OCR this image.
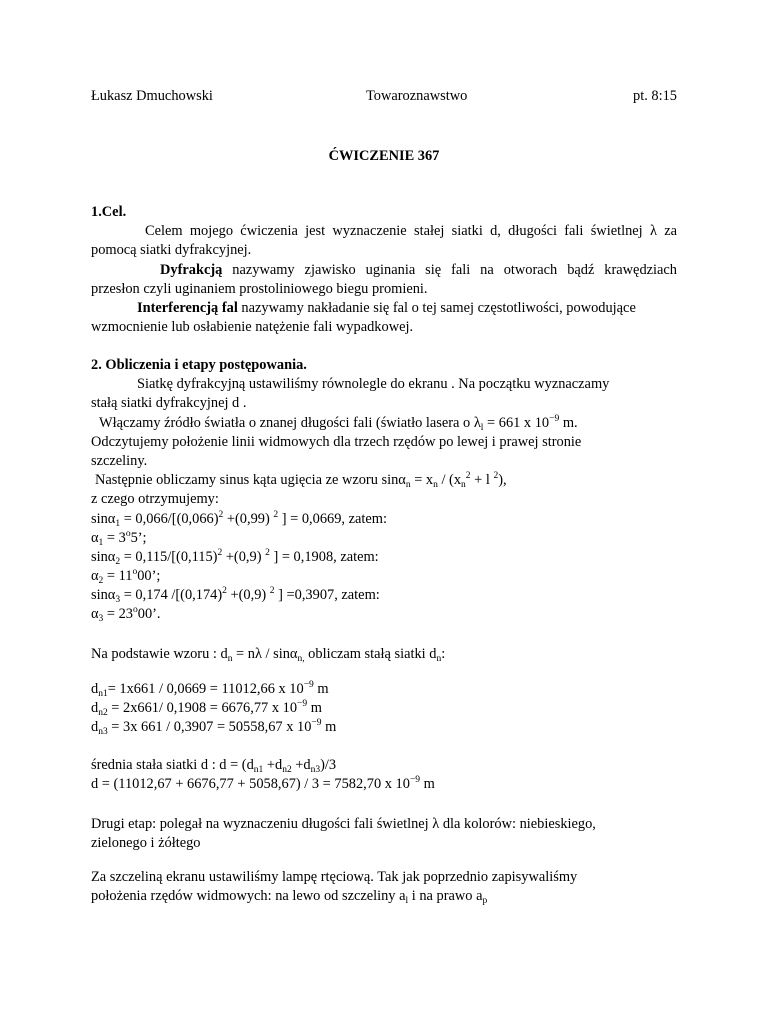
Łukasz Dmuchowski	Towaroznawstwo	pt. 8:15
ĆWICZENIE 367
1.Cel.
Celem mojego ćwiczenia jest wyznaczenie stałej siatki d, długości fali świetlnej λ za
pomocą siatki dyfrakcyjnej.
Dyfrakcją nazywamy zjawisko uginania się fali na otworach bądź krawędziach
przesłon czyli uginaniem prostoliniowego biegu promieni.
Interferencją fal nazywamy nakładanie się fal o tej samej częstotliwości, powodujące
wzmocnienie lub osłabienie natężenie fali wypadkowej.
2. Obliczenia i etapy postępowania.
Siatkę dyfrakcyjną ustawiliśmy równolegle do ekranu . Na początku wyznaczamy
stałą siatki dyfrakcyjnej d .
Włączamy źródło światła o znanej długości fali (światło lasera o $\lambda_l = 661$ x $10^{-9}$ m.
Odczytujemy położenie linii widmowych dla trzech rzędów po lewej i prawej stronie
szczeliny.
Następnie obliczamy sinus kąta ugięcia ze wzoru $\sin\alpha_n = x_n / (x_n^2 + l$ $^2$),
z czego otrzymujemy:
$\sin\alpha_1 = 0,066/[(0,066)^2 +(0,99)$ $^2$ ] = 0,0669, zatem:
$\alpha_1 = 3^o5$’;
$\sin\alpha_2 = 0,115/[(0,115)^2 +(0,9)$ $^2$ ] = 0,1908, zatem:
$\alpha_2 = 11^o00$’;
sinα$_3$ = 0,174 $/[(0,174)^2 +(0,9)$ $^2$ ] =0,3907, zatem:
$\alpha_3 = 23^o00$’.
Na podstawie wzoru : $d_n = n\lambda / \sin\alpha_{n,}$ obliczam stałą siatki $d_n$:
$d_{n1}= 1x661 / 0,0669 = 11012,66$ x $10^{-9}$ m
$d_{n2} = 2x661/$ 0,1908 = 6676,77 x $10^{-9}$ m
$d_{n3} = 3x$ 661 / 0,3907 = 50558,67 x $10^{-9}$ m
średnia stała siatki d : $d = (d_{n1} +d_{n2} +d_{n3})/3$
d = (11012,67 + 6676,77 + 5058,67) / 3 = 7582,70 x $10^{-9}$ m
Drugi etap: polegał na wyznaczeniu długości fali świetlnej λ dla kolorów: niebieskiego,
zielonego i żółtego
Za szczeliną ekranu ustawiliśmy lampę rtęciową. Tak jak poprzednio zapisywaliśmy
położenia rzędów widmowych: na lewo od szczeliny $a_l$ i na prawo $a_p$
